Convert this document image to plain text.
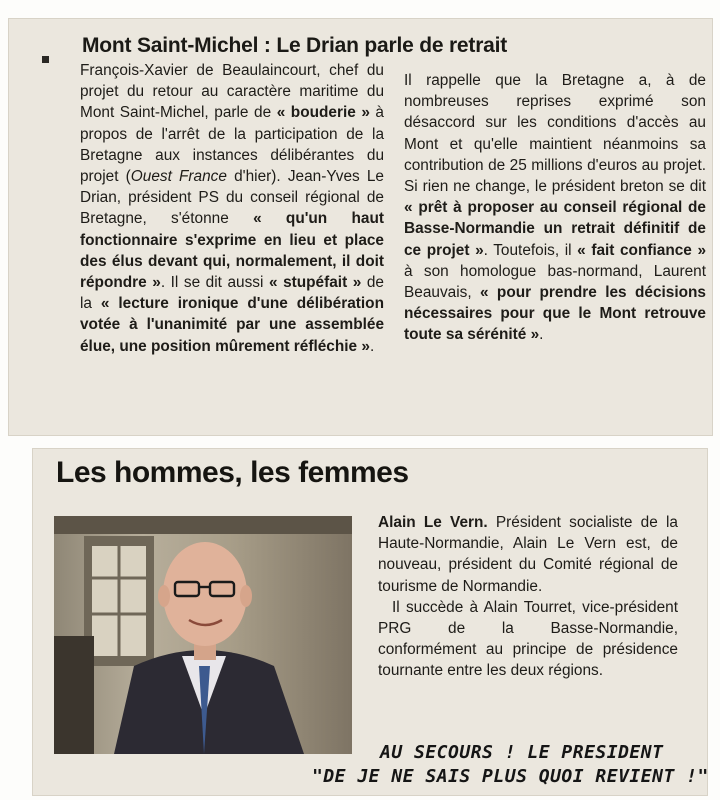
Mont Saint-Michel : Le Drian parle de retrait

François-Xavier de Beaulaincourt, chef du projet du retour au caractère maritime du Mont Saint-Michel, parle de « bouderie » à propos de l'arrêt de la participation de la Bretagne aux instances délibérantes du projet (Ouest France d'hier). Jean-Yves Le Drian, président PS du conseil régional de Bretagne, s'étonne « qu'un haut fonctionnaire s'exprime en lieu et place des élus devant qui, normalement, il doit répondre ». Il se dit aussi « stupéfait » de la « lecture ironique d'une délibération votée à l'unanimité par une assemblée élue, une position mûrement réfléchie ».

Il rappelle que la Bretagne a, à de nombreuses reprises exprimé son désaccord sur les conditions d'accès au Mont et qu'elle maintient néanmoins sa contribution de 25 millions d'euros au projet. Si rien ne change, le président breton se dit « prêt à proposer au conseil régional de Basse-Normandie un retrait définitif de ce projet ». Toutefois, il « fait confiance » à son homologue bas-normand, Laurent Beauvais, « pour prendre les décisions nécessaires pour que le Mont retrouve toute sa sérénité ».

Les hommes, les femmes

Alain Le Vern. Président socialiste de la Haute-Normandie, Alain Le Vern est, de nouveau, président du Comité régional de tourisme de Normandie.

Il succède à Alain Tourret, vice-président PRG de la Basse-Normandie, conformément au principe de présidence tournante entre les deux régions.

AU SECOURS ! LE PRESIDENT
"DE JE NE SAIS PLUS QUOI REVIENT !"
